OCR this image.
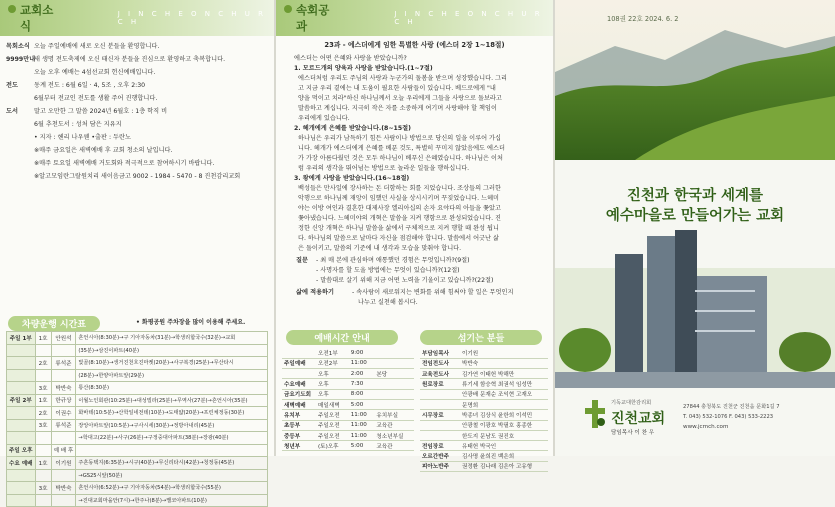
교회소식
J I N C H E O N C H U R C H
목회소식 오늘 주일예배에 새로 오신 분들을 환영합니다.
9999만내새 생명 전도축제에 오신 태신자 분들을 진심으로 환영하고 축복합니다.
오늘 오후 예배는 4섬선교회 헌신예배입니다.
전도	동계 전도 : 6월 6일 · 4, 5조 , 오후 2:30
6월부터 전교인 전도를 생활 주어 진행합니다.
도서	말고 오만한 그 말씀 2024년 6월호 : 1층 학직 비
6월 추천도서 : 성처 담은 지유지
• 지자 : 헨리 나우웬 •출판 : 두란노
※매주 금요일은 새벽예배 후 교회 청소의 날입니다.
※매주 토요일 새벽예배 거도회와 적극적으로 참여하시기 바랍니다.
※알고모임란그랄원치리 새이음금고 9002 - 1984 - 5470 - 8 진천감리교회
차량운행 시간표	• 화평공원 주차장을 많이 이용해 주세요.
주일 1부	1호	안원석	흔언시아(8:30분)→구 기아자동차(31분)→학생리합국수(32분)→교회
			(35분)→삼진이파트(40분)
	2호	류석준	빛골(8:10분)→생거진천흐진마켓(20분)→사구복경(25분)→무산타시
			(28분)→한양아파트앞(29분)
	3호	박반숙	통산(8:30분)
주일 2부	1호	한규상	이월노인회관(10:25분)→대성빌라(25분)→무역사(27분)→흔언시아(35분)
	2호	이권수	화바테(10:5분)→산학일네전테(10분)→도태얇(20분)→프린체정동(30분)
	3호	류석준	장앙아파트앞(10:5분)→구사시세(30분)→정방아내리(45분)
			→학대고(22분)→사구(26분)→구정중대아파트(38분)→장광(40분)
주일 오후		예 배 후	
수요 예배	1호	이기원	주흔동택지(6:35분)→시구(40분)→무신리타시(42분)→청정동(45분)
			→GS25시앞(50분)
	3호	박반숙	흔언시아(6:52분)→구 기아자동차(54분)→학생리합국수(55분)
			→진대교회마을안(7시)→한주나(8분)→밸코아파트(10분)
속회공과
J I N C H E O N C H U R C H
23과 - 에스더에게 임한 특별한 사랑 (에스더 2장 1~18절)
에스더는 어떤 은혜와 사랑을 받았습니까?
1. 모르드개의 양육과 사랑을 받았습니다.(1~7절)
에스더처럼 우리도 주님의 사랑과 누군가의 돌봄을 받으며 성장했습니다. 그리
고 지금 우리 곁에는 내 도움이 필요한 사람들이 있습니다. 베드로에게 "내
양을 먹이고 치라"하신 하나님께서 오늘 우리에게 그들을 사랑으로 돌보라고
말씀하고 계십니다. 지극히 작은 자를 소중하게 여기며 사랑해야 할 책임이
우리에게 있습니다.
2. 헤개에게 은혜를 받았습니다.(8~15절)
하나님은 우리가 남득하기 힘든 사람이나 방법으로 당신의 일을 이루어 가십
니다. 헤개가 에스더에게 은혜를 베푼 것도, 특별히 꾸미지 않았음에도 에스더
가 가장 아름다웠던 것은 모두 하나님이 베푸신 은혜였습니다. 하나님은 이처
럼 우리의 생각을 뛰어넘는 방법으로 놀라운 일들을 행하십니다.
3. 왕에게 사랑을 받았습니다.(16~18절)
백성들은 만사일에 장사하는 돈 더함하는 회를 지었습니다. 조상들의 그러한
악행으로 하나님께 재앙이 임했던 사실을 상시시키며 꾸짖었습니다. 느헤미
야는 이방 여인과 결혼한 대제사장 엘리아십의 손자 요야다의 아들을 쫓았고
쫓아냈습니다. 느헤미야의 개혁은 말씀을 지켜 행함으로 완성되었습니다. 진
정한 신앙 개혁은 하나님 말씀을 삶에서 구체적으로 지켜 행할 때 완성 됩니
다. 하나님의 말씀으로 날마다 자신을 점검해야 합니다. 말씀에서 어긋난 삶
은 돌이키고, 말씀의 기준에 내 생각과 모습을 맞춰야 합니다.
질문 - 최 매 본에 관심하며 애통했던 경험은 무엇입니까?(9절)
- 사명자를 할 도울 방법에는 무엇이 있습니까?(12절)
- 말씀대로 살기 위해 지금 어떤 노력을 기울이고 있습니까?(22절)
삶에 적용하기	- 속사람이 새로워지는 변화를 위해 힘써야 할 일은 무엇인지
나누고 실천해 봅시다.
예배시간 안내
	오전1부	9:00	
주일예배	오전2부	11:00	
	오후	2:00	본당
수요예배	오후	7:30	
금요기도회	오후	8:00	
새벽예배	매일새벽	5:00	
유치부	주일오전	11:00	유치부실
초등부	주일오전	11:00	교육관
중등부	주일오전	11:00	청소년부실
청년부	(토)오후	5:00	교육관
섬기는 분들
부담임목사	이기원
전임전도사	박반숙
교육전도사	김가연 이태헌 박해만
원로장로	류기세 함승혁 최권석 임성만
	안광배 문재순 조익현 고재오
	문명희
시무장로	박종녀 김상식 윤한희 이석민
	안광철 이광호 박필호 홍종한
	한도지 문남도 권진호
전임장로	유태헌 박국인
오르간반주	김사명 윤희진 백은희
피아노반주	권정환 김나래 김은아 고유형
108권 22호 2024. 6. 2
진천과 한국과 세계를
예수마을로 만들어가는 교회
기독교대한감리회
진천교회
담임목사 이 찬 우
27844 충청북도 진천군 진천읍 문화1길 7
T. 043) 532-1076 F. 043) 533-2223
www.jcmch.com
